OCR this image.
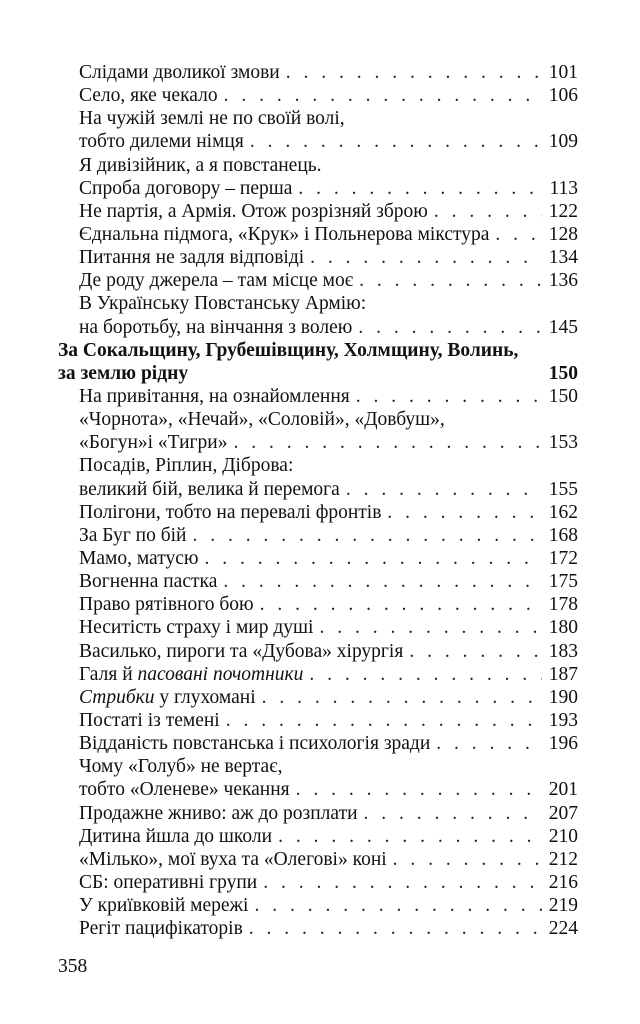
Слідами дволикої змови . . .	101
Село, яке чекало . . .	106
На чужій землі не по своїй волі,
тобто дилеми німця . . .	109
Я дивізійник, а я повстанець.
Спроба договору – перша . . .	113
Не партія, а Армія. Отож розрізняй зброю . . .	122
Єднальна підмога, «Крук» і Польнерова мікстура . . .	128
Питання не задля відповіді . . .	134
Де роду джерела – там місце моє . . .	136
В Українську Повстанську Армію:
на боротьбу, на вінчання з волею . . .	145
За Сокальщину, Грубешівщину, Холмщину, Волинь,
за землю рідну	150
На привітання, на ознайомлення . . .	150
«Чорнота», «Нечай», «Соловій», «Довбуш»,
«Богун»і «Тигри» . . .	153
Посадів, Ріплин, Діброва:
великий бій, велика й перемога . . .	155
Полігони, тобто на перевалі фронтів . . .	162
За Буг по бій . . .	168
Мамо, матусю . . .	172
Вогненна пастка . . .	175
Право рятівного бою . . .	178
Неситість страху і мир душі . . .	180
Василько, пироги та «Дубова» хірургія . . .	183
Галя й пасовані почотники . . .	187
Стрибки у глухомані . . .	190
Постаті із темені . . .	193
Відданість повстанська і психологія зради . . .	196
Чому «Голуб» не вертає,
тобто «Оленеве» чекання . . .	201
Продажне жниво: аж до розплати . . .	207
Дитина йшла до школи . . .	210
«Мілько», мої вуха та «Олегові» коні . . .	212
СБ: оперативні групи . . .	216
У криївковій мережі . . .	219
Регіт пацифікаторів . . .	224
358
